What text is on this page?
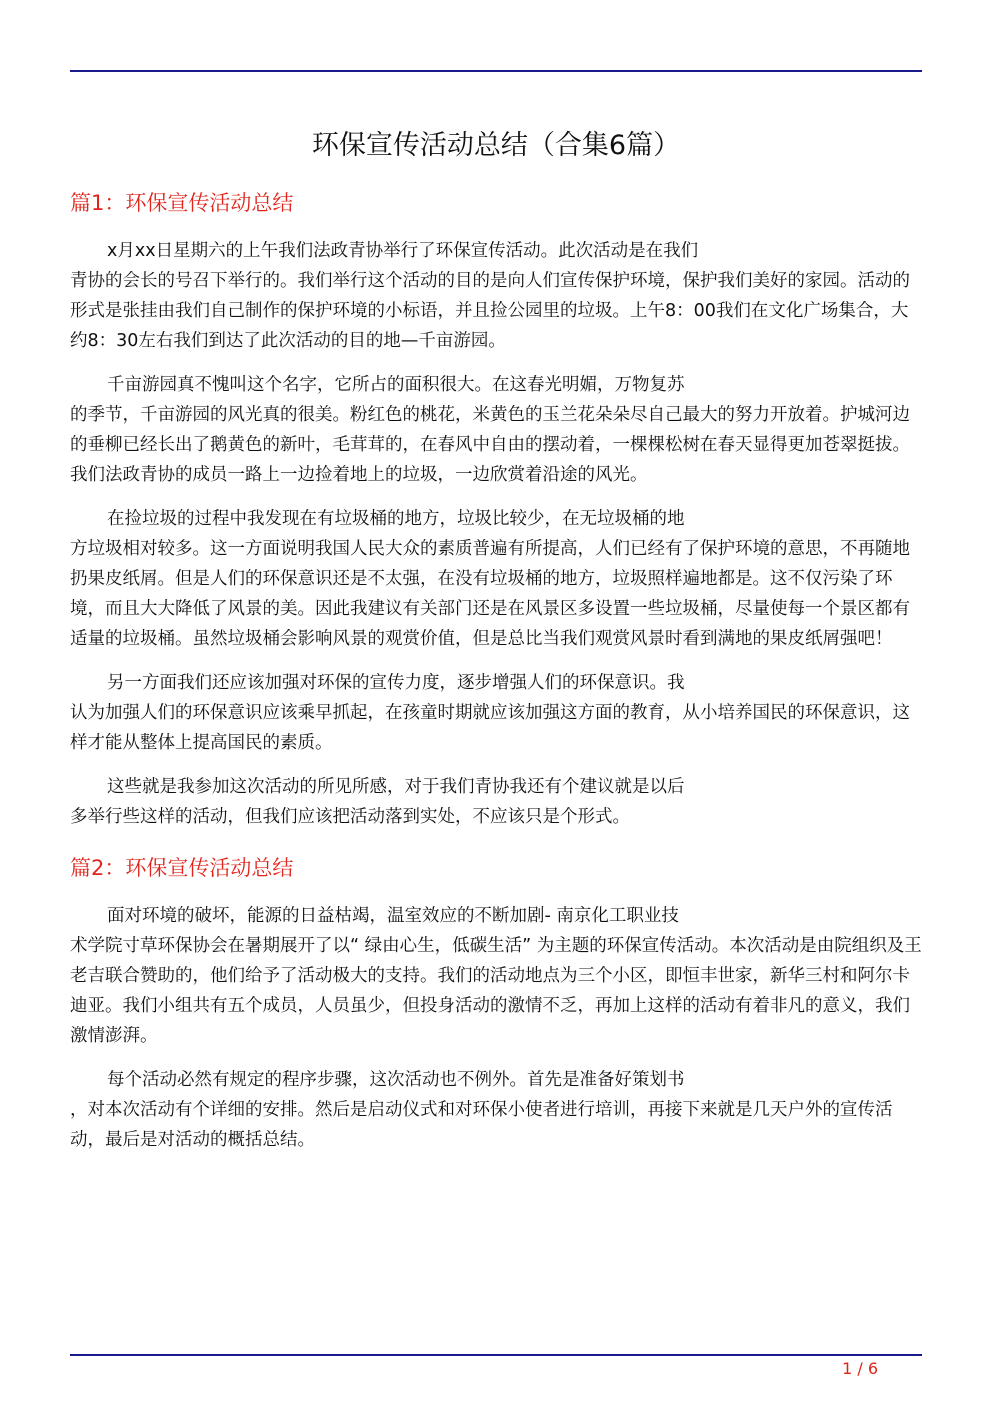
环保宣传活动总结（合集6篇）
篇1：环保宣传活动总结

x月xx日星期六的上午我们法政青协举行了环保宣传活动。此次活动是在我们
青协的会长的号召下举行的。我们举行这个活动的目的是向人们宣传保护环境，保护我们美好的家园。活动的形式是张挂由我们自己制作的保护环境的小标语，并且捡公园里的垃圾。上午8：00我们在文化广场集合，大约8：30左右我们到达了此次活动的目的地—千亩游园。

千亩游园真不愧叫这个名字，它所占的面积很大。在这春光明媚，万物复苏
的季节，千亩游园的风光真的很美。粉红色的桃花，米黄色的玉兰花朵朵尽自己最大的努力开放着。护城河边的垂柳已经长出了鹅黄色的新叶，毛茸茸的，在春风中自由的摆动着，一棵棵松树在春天显得更加苍翠挺拔。我们法政青协的成员一路上一边捡着地上的垃圾，一边欣赏着沿途的风光。

在捡垃圾的过程中我发现在有垃圾桶的地方，垃圾比较少，在无垃圾桶的地
方垃圾相对较多。这一方面说明我国人民大众的素质普遍有所提高，人们已经有了保护环境的意思，不再随地扔果皮纸屑。但是人们的环保意识还是不太强，在没有垃圾桶的地方，垃圾照样遍地都是。这不仅污染了环境，而且大大降低了风景的美。因此我建议有关部门还是在风景区多设置一些垃圾桶，尽量使每一个景区都有适量的垃圾桶。虽然垃圾桶会影响风景的观赏价值，但是总比当我们观赏风景时看到满地的果皮纸屑强吧！

另一方面我们还应该加强对环保的宣传力度，逐步增强人们的环保意识。我
认为加强人们的环保意识应该乘早抓起，在孩童时期就应该加强这方面的教育，从小培养国民的环保意识，这样才能从整体上提高国民的素质。

这些就是我参加这次活动的所见所感，对于我们青协我还有个建议就是以后
多举行些这样的活动，但我们应该把活动落到实处，不应该只是个形式。

篇2：环保宣传活动总结

面对环境的破坏，能源的日益枯竭，温室效应的不断加剧- 南京化工职业技
术学院寸草环保协会在暑期展开了以“ 绿由心生，低碳生活” 为主题的环保宣传活动。本次活动是由院组织及王老吉联合赞助的，他们给予了活动极大的支持。我们的活动地点为三个小区，即恒丰世家，新华三村和阿尔卡迪亚。我们小组共有五个成员，人员虽少，但投身活动的激情不乏，再加上这样的活动有着非凡的意义，我们激情澎湃。

每个活动必然有规定的程序步骤，这次活动也不例外。首先是准备好策划书
，对本次活动有个详细的安排。然后是启动仪式和对环保小使者进行培训，再接下来就是几天户外的宣传活动，最后是对活动的概括总结。

1 / 6
